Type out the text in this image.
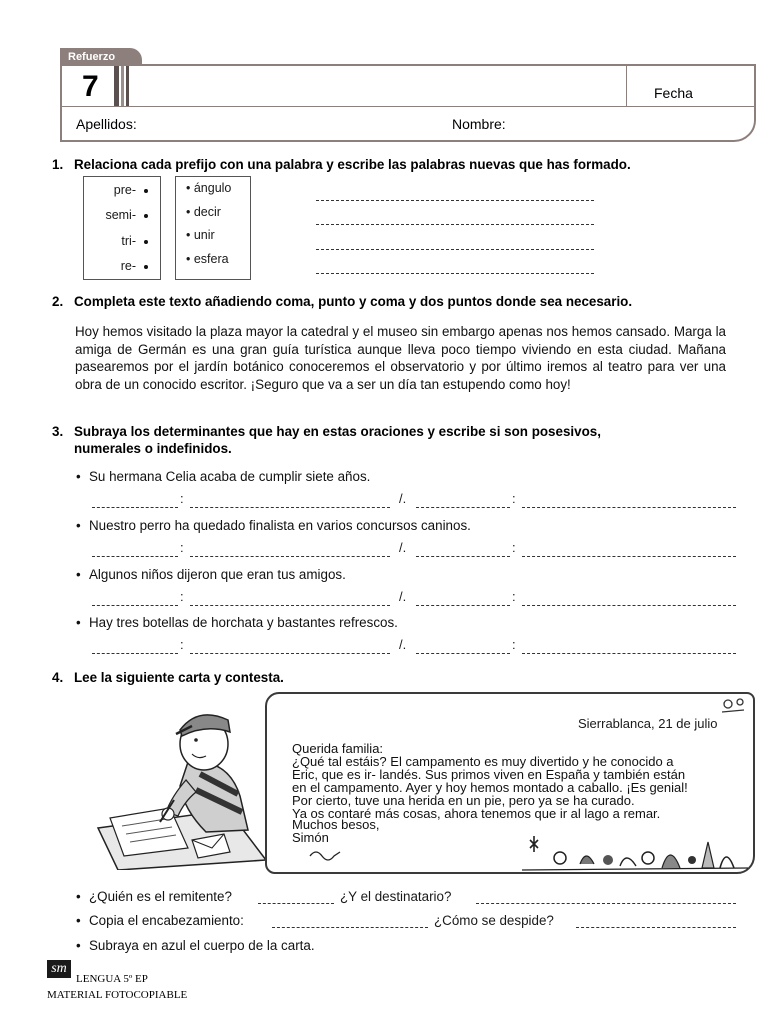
Refuerzo
7	Fecha
Apellidos:	Nombre:
1. Relaciona cada prefijo con una palabra y escribe las palabras nuevas que has formado.
pre-
semi-
tri-
re-
• ángulo
• decir
• unir
• esfera
2. Completa este texto añadiendo coma, punto y coma y dos puntos donde sea necesario.
Hoy hemos visitado la plaza mayor la catedral y el museo sin embargo apenas nos hemos cansado. Marga la amiga de Germán es una gran guía turística aunque lleva poco tiempo viviendo en esta ciudad. Mañana pasearemos por el jardín botánico conoceremos el observatorio y por último iremos al teatro para ver una obra de un conocido escritor. ¡Seguro que va a ser un día tan estupendo como hoy!
3. Subraya los determinantes que hay en estas oraciones y escribe si son posesivos,
numerales o indefinidos.
• Su hermana Celia acaba de cumplir siete años.
• Nuestro perro ha quedado finalista en varios concursos caninos.
• Algunos niños dijeron que eran tus amigos.
• Hay tres botellas de horchata y bastantes refrescos.
:	/.	:
:	/.	:
:	/.	:
:	/.	:
4. Lee la siguiente carta y contesta.
Sierrablanca, 21 de julio
Querida familia:
¿Qué tal estáis? El campamento es muy divertido y he conocido a
Eric, que es ir- landés. Sus primos viven en España y también están
en el campamento. Ayer y hoy hemos montado a caballo. ¡Es genial!
Por cierto, tuve una herida en un pie, pero ya se ha curado.
Ya os contaré más cosas, ahora tenemos que ir al lago a remar.
Muchos besos,
Simón
• ¿Quién es el remitente?	¿Y el destinatario?
• Copia el encabezamiento:	¿Cómo se despide?
• Subraya en azul el cuerpo de la carta.
sm
LENGUA 5º EP
MATERIAL FOTOCOPIABLE
